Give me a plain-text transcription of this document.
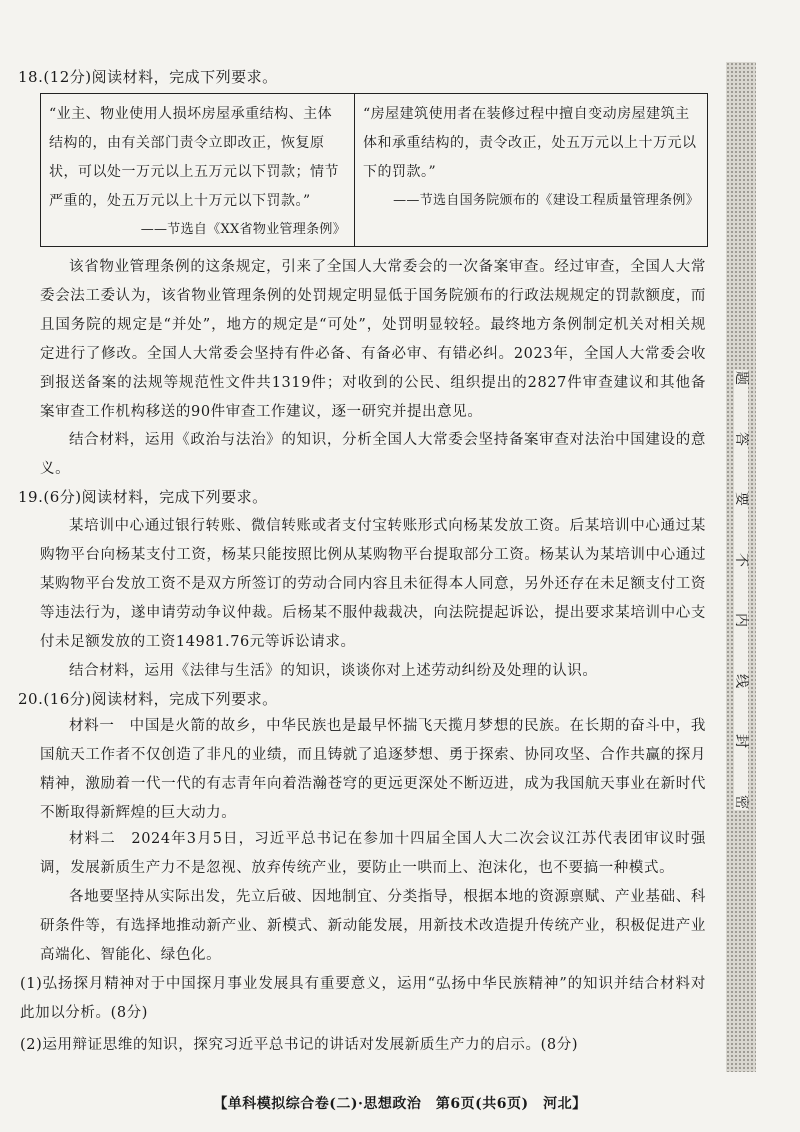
18.(12分)阅读材料，完成下列要求。
“业主、物业使用人损坏房屋承重结构、主体结构的，由有关部门责令立即改正，恢复原状，可以处一万元以上五万元以下罚款；情节严重的，处五万元以上十万元以下罚款。”
——节选自《XX省物业管理条例》
“房屋建筑使用者在装修过程中擅自变动房屋建筑主体和承重结构的，责令改正，处五万元以上十万元以下的罚款。”
——节选自国务院颁布的《建设工程质量管理条例》
该省物业管理条例的这条规定，引来了全国人大常委会的一次备案审查。经过审查，全国人大常委会法工委认为，该省物业管理条例的处罚规定明显低于国务院颁布的行政法规规定的罚款额度，而且国务院的规定是“并处”，地方的规定是“可处”，处罚明显较轻。最终地方条例制定机关对相关规定进行了修改。全国人大常委会坚持有件必备、有备必审、有错必纠。2023年，全国人大常委会收到报送备案的法规等规范性文件共1319件；对收到的公民、组织提出的2827件审查建议和其他备案审查工作机构移送的90件审查工作建议，逐一研究并提出意见。
结合材料，运用《政治与法治》的知识，分析全国人大常委会坚持备案审查对法治中国建设的意义。
19.(6分)阅读材料，完成下列要求。
某培训中心通过银行转账、微信转账或者支付宝转账形式向杨某发放工资。后某培训中心通过某购物平台向杨某支付工资，杨某只能按照比例从某购物平台提取部分工资。杨某认为某培训中心通过某购物平台发放工资不是双方所签订的劳动合同内容且未征得本人同意，另外还存在未足额支付工资等违法行为，遂申请劳动争议仲裁。后杨某不服仲裁裁决，向法院提起诉讼，提出要求某培训中心支付未足额发放的工资14981.76元等诉讼请求。
结合材料，运用《法律与生活》的知识，谈谈你对上述劳动纠纷及处理的认识。
20.(16分)阅读材料，完成下列要求。
材料一　中国是火箭的故乡，中华民族也是最早怀揣飞天揽月梦想的民族。在长期的奋斗中，我国航天工作者不仅创造了非凡的业绩，而且铸就了追逐梦想、勇于探索、协同攻坚、合作共赢的探月精神，激励着一代一代的有志青年向着浩瀚苍穹的更远更深处不断迈进，成为我国航天事业在新时代不断取得新辉煌的巨大动力。
材料二　2024年3月5日，习近平总书记在参加十四届全国人大二次会议江苏代表团审议时强调，发展新质生产力不是忽视、放弃传统产业，要防止一哄而上、泡沫化，也不要搞一种模式。
各地要坚持从实际出发，先立后破、因地制宜、分类指导，根据本地的资源禀赋、产业基础、科研条件等，有选择地推动新产业、新模式、新动能发展，用新技术改造提升传统产业，积极促进产业高端化、智能化、绿色化。
(1)弘扬探月精神对于中国探月事业发展具有重要意义，运用“弘扬中华民族精神”的知识并结合材料对此加以分析。(8分)
(2)运用辩证思维的知识，探究习近平总书记的讲话对发展新质生产力的启示。(8分)
【单科模拟综合卷(二)·思想政治　第6页(共6页)　河北】
题
答
要
不
内
线
封
密
